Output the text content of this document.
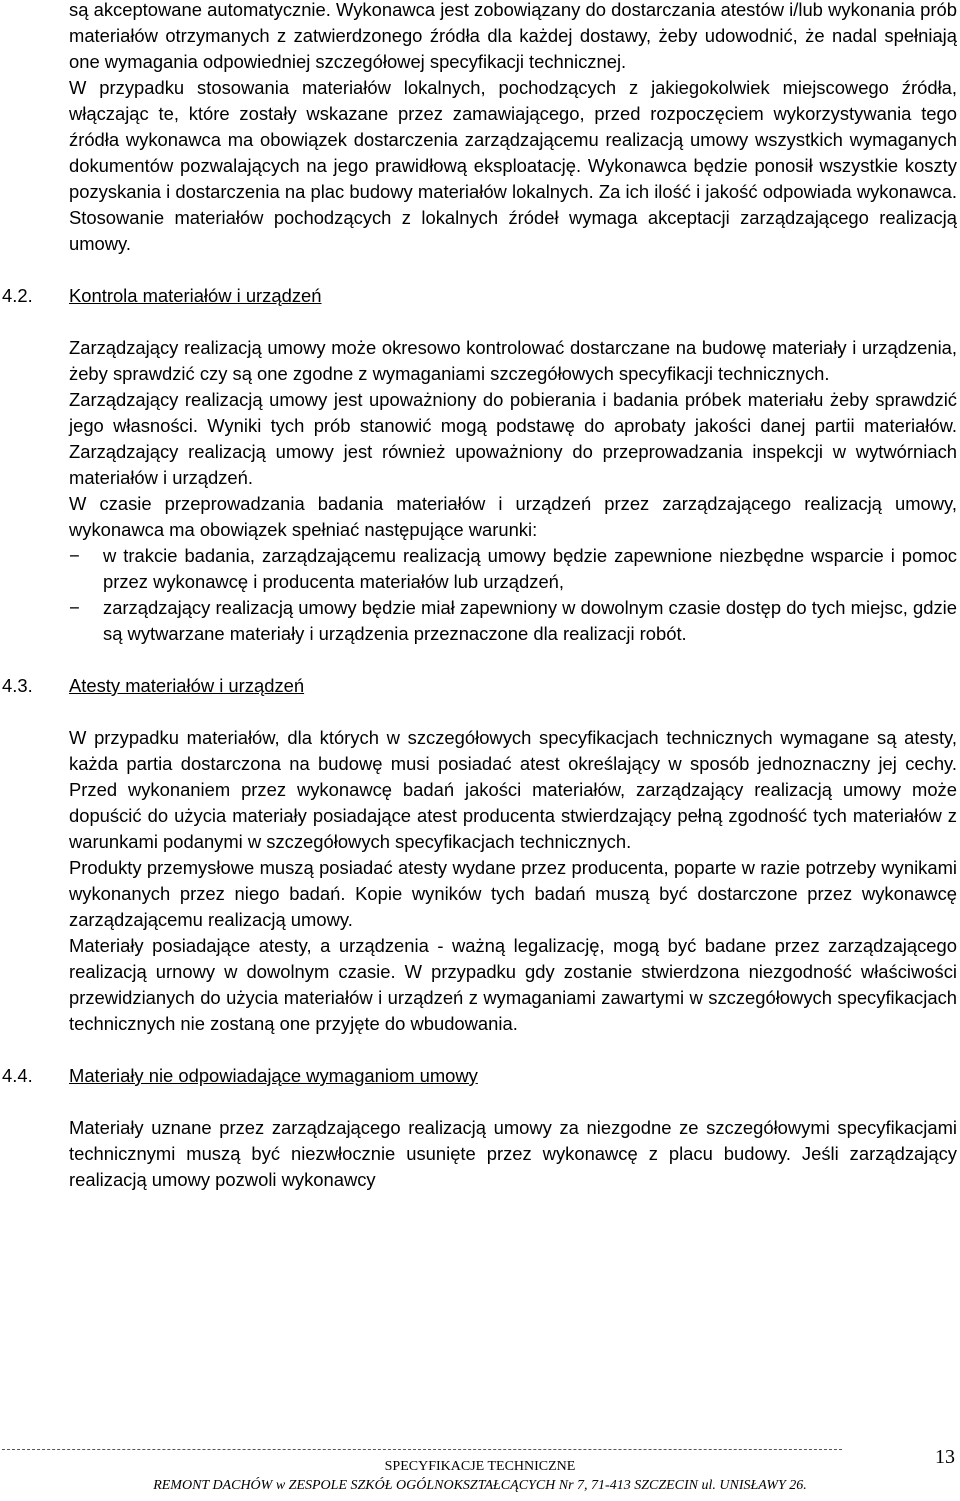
są akceptowane automatycznie. Wykonawca jest zobowiązany do dostarczania atestów i/lub wykonania prób materiałów otrzymanych z zatwierdzonego źródła dla każdej dostawy, żeby udowodnić, że nadal spełniają one wymagania odpowiedniej szczegółowej specyfikacji technicznej.

W przypadku stosowania materiałów lokalnych, pochodzących z jakiegokolwiek miejscowego źródła, włączając te, które zostały wskazane przez zamawiającego, przed rozpoczęciem wykorzystywania tego źródła wykonawca ma obowiązek dostarczenia zarządzającemu realizacją umowy wszystkich wymaganych dokumentów pozwalających na jego prawidłową eksploatację. Wykonawca będzie ponosił wszystkie koszty pozyskania i dostarczenia na plac budowy materiałów lokalnych. Za ich ilość i jakość odpowiada wykonawca. Stosowanie materiałów pochodzących z lokalnych źródeł wymaga akceptacji zarządzającego realizacją umowy.

4.2. Kontrola materiałów i urządzeń

Zarządzający realizacją umowy może okresowo kontrolować dostarczane na budowę materiały i urządzenia, żeby sprawdzić czy są one zgodne z wymaganiami szczegółowych specyfikacji technicznych.

Zarządzający realizacją umowy jest upoważniony do pobierania i badania próbek materiału żeby sprawdzić jego własności. Wyniki tych prób stanowić mogą podstawę do aprobaty jakości danej partii materiałów. Zarządzający realizacją umowy jest również upoważniony do przeprowadzania inspekcji w wytwórniach materiałów i urządzeń.

W czasie przeprowadzania badania materiałów i urządzeń przez zarządzającego realizacją umowy, wykonawca ma obowiązek spełniać następujące warunki:

− w trakcie badania, zarządzającemu realizacją umowy będzie zapewnione niezbędne wsparcie i pomoc przez wykonawcę i producenta materiałów lub urządzeń,
− zarządzający realizacją umowy będzie miał zapewniony w dowolnym czasie dostęp do tych miejsc, gdzie są wytwarzane materiały i urządzenia przeznaczone dla realizacji robót.
4.3. Atesty materiałów i urządzeń

W przypadku materiałów, dla których w szczegółowych specyfikacjach technicznych wymagane są atesty, każda partia dostarczona na budowę musi posiadać atest określający w sposób jednoznaczny jej cechy. Przed wykonaniem przez wykonawcę badań jakości materiałów, zarządzający realizacją umowy może dopuścić do użycia materiały posiadające atest producenta stwierdzający pełną zgodność tych materiałów z warunkami podanymi w szczegółowych specyfikacjach technicznych.

Produkty przemysłowe muszą posiadać atesty wydane przez producenta, poparte w razie potrzeby wynikami wykonanych przez niego badań. Kopie wyników tych badań muszą być dostarczone przez wykonawcę zarządzającemu realizacją umowy.

Materiały posiadające atesty, a urządzenia - ważną legalizację, mogą być badane przez zarządzającego realizacją urnowy w dowolnym czasie. W przypadku gdy zostanie stwierdzona niezgodność właściwości przewidzianych do użycia materiałów i urządzeń z wymaganiami zawartymi w szczegółowych specyfikacjach technicznych nie zostaną one przyjęte do wbudowania.

4.4. Materiały nie odpowiadające wymaganiom umowy

Materiały uznane przez zarządzającego realizacją umowy za niezgodne ze szczegółowymi specyfikacjami technicznymi muszą być niezwłocznie usunięte przez wykonawcę z placu budowy. Jeśli zarządzający realizacją umowy pozwoli wykonawcy

13
SPECYFIKACJE TECHNICZNE
REMONT DACHÓW w ZESPOLE SZKÓŁ OGÓLNOKSZTAŁCĄCYCH Nr 7, 71-413 SZCZECIN ul. UNISŁAWY 26.
